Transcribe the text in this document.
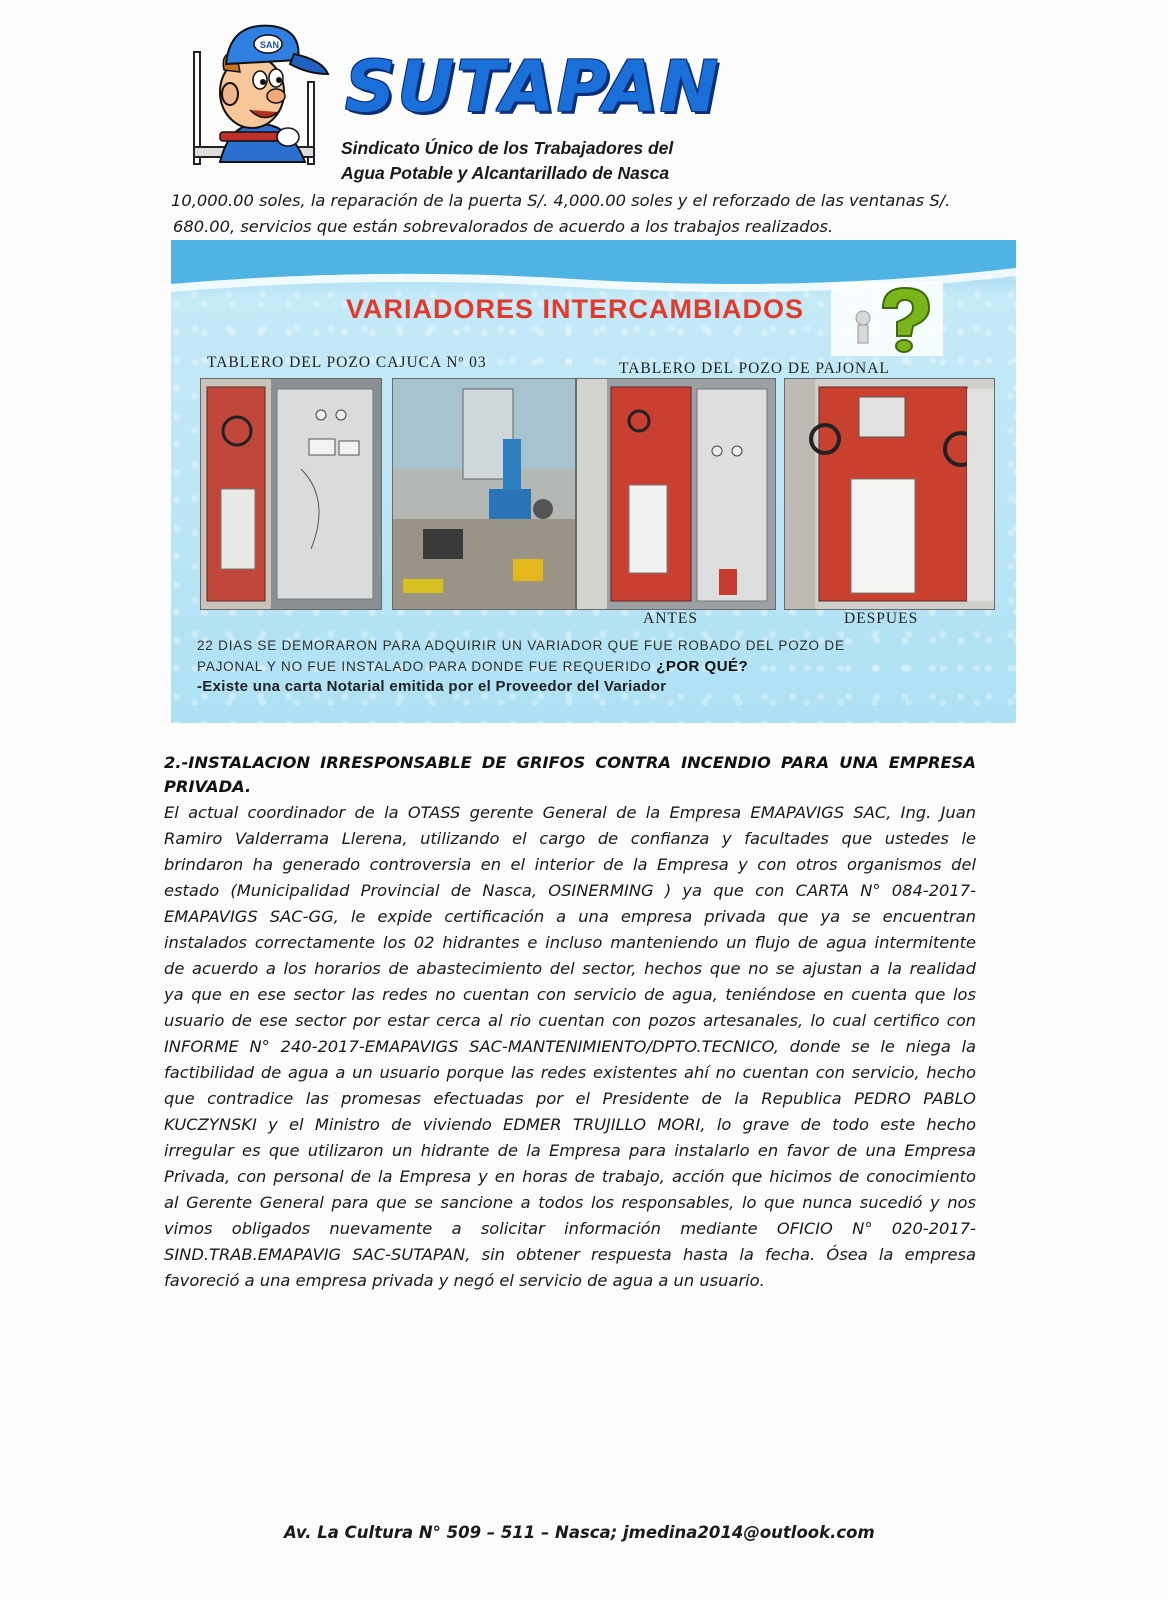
SAN
SUTAPAN
Sindicato Único de los Trabajadores del
Agua Potable y Alcantarillado de Nasca
10,000.00 soles, la reparación de la puerta S/. 4,000.00 soles y el reforzado de las ventanas S/.
680.00, servicios que están sobrevalorados de acuerdo a los trabajos realizados.
VARIADORES INTERCAMBIADOS
TABLERO DEL POZO CAJUCA Nº 03	TABLERO DEL POZO DE PAJONAL
ANTES	DESPUES
22 DIAS SE DEMORARON PARA ADQUIRIR UN VARIADOR QUE FUE ROBADO DEL POZO DE
PAJONAL Y NO FUE INSTALADO PARA DONDE FUE REQUERIDO ¿POR QUÉ?
-Existe una carta Notarial emitida por el Proveedor del Variador
2.-INSTALACION IRRESPONSABLE DE GRIFOS CONTRA INCENDIO PARA UNA EMPRESA
PRIVADA.
El actual coordinador de la OTASS gerente General de la Empresa EMAPAVIGS SAC, Ing. Juan
Ramiro Valderrama Llerena, utilizando el cargo de confianza y facultades que ustedes le
brindaron ha generado controversia en el interior de la Empresa y con otros organismos del
estado (Municipalidad Provincial de Nasca, OSINERMING ) ya que con CARTA N° 084-2017-
EMAPAVIGS SAC-GG, le expide certificación a una empresa privada que ya se encuentran
instalados correctamente los 02 hidrantes e incluso manteniendo un flujo de agua intermitente
de acuerdo a los horarios de abastecimiento del sector, hechos que no se ajustan a la realidad
ya que en ese sector las redes no cuentan con servicio de agua, teniéndose en cuenta que los
usuario de ese sector por estar cerca al rio cuentan con pozos artesanales, lo cual certifico con
INFORME N° 240-2017-EMAPAVIGS SAC-MANTENIMIENTO/DPTO.TECNICO, donde se le niega la
factibilidad de agua a un usuario porque las redes existentes ahí no cuentan con servicio, hecho
que contradice las promesas efectuadas por el Presidente de la Republica PEDRO PABLO
KUCZYNSKI y el Ministro de viviendo EDMER TRUJILLO MORI, lo grave de todo este hecho
irregular es que utilizaron un hidrante de la Empresa para instalarlo en favor de una Empresa
Privada, con personal de la Empresa y en horas de trabajo, acción que hicimos de conocimiento
al Gerente General para que se sancione a todos los responsables, lo que nunca sucedió y nos
vimos obligados nuevamente a solicitar información mediante OFICIO N° 020-2017-
SIND.TRAB.EMAPAVIG SAC-SUTAPAN, sin obtener respuesta hasta la fecha. Ósea la empresa
favoreció a una empresa privada y negó el servicio de agua a un usuario.
Av. La Cultura N° 509 – 511 – Nasca; jmedina2014@outlook.com
